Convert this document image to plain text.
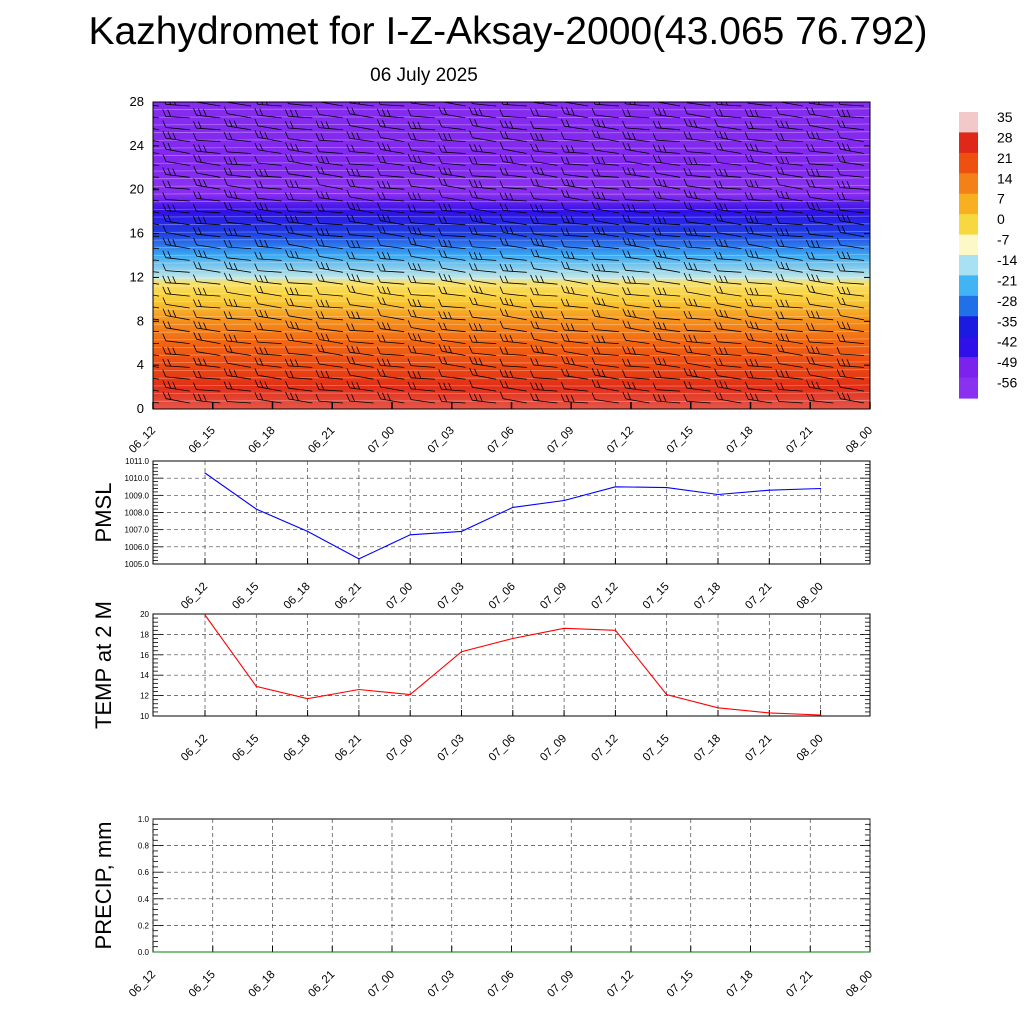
Kazhydromet for I-Z-Aksay-2000(43.065 76.792)
06 July 2025
0
4
8
12
16
20
24
28
06_12 06_15 06_18 06_21 07_00 07_03 07_06 07_09 07_12 07_15 07_18 07_21 08_00
35
28
21
14
7
0
-7
-14
-21
-28
-35
-42
-49
-56
1005.0
1006.0
1007.0
1008.0
1009.0
1010.0
1011.0
06_12 06_15 06_18 06_21 07_00 07_03 07_06 07_09 07_12 07_15 07_18 07_21 08_00
PMSL
10
12
14
16
18
20
06_12 06_15 06_18 06_21 07_00 07_03 07_06 07_09 07_12 07_15 07_18 07_21 08_00
TEMP at 2 M
0.0
0.2
0.4
0.6
0.8
1.0
06_12 06_15 06_18 06_21 07_00 07_03 07_06 07_09 07_12 07_15 07_18 07_21 08_00
PRECIP, mm
